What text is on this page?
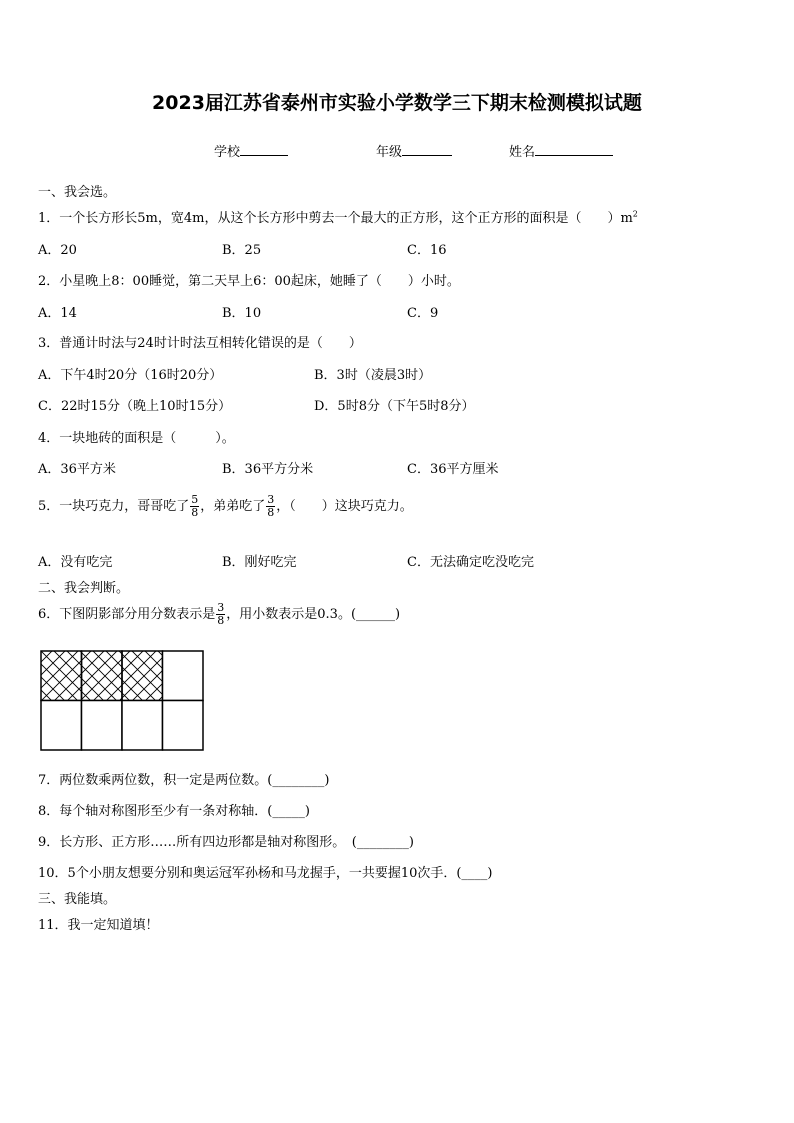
2023届江苏省泰州市实验小学数学三下期末检测模拟试题
学校	年级	姓名
一、我会选。
1．一个长方形长5m，宽4m，从这个长方形中剪去一个最大的正方形，这个正方形的面积是（　　）$m^2$
A．20	B．25	C．16
2．小星晚上8：00睡觉，第二天早上6：00起床，她睡了（　　）小时。
A．14	B．10	C．9
3．普通计时法与24时计时法互相转化错误的是（　　）
A．下午4时20分（16时20分）	B．3时（凌晨3时）
C．22时15分（晚上10时15分）	D．5时8分（下午5时8分）
4．一块地砖的面积是（　　　）。
A．36平方米	B．36平方分米	C．36平方厘米
5．一块巧克力，哥哥吃了 $\frac{5}{8}$ ，弟弟吃了 $\frac{3}{8}$ ，（　　）这块巧克力。
A．没有吃完	B．刚好吃完	C．无法确定吃没吃完
二、我会判断。
6．下图阴影部分用分数表示是 $\frac{3}{8}$ ，用小数表示是0.3。(______)
7．两位数乘两位数，积一定是两位数。(________)
8．每个轴对称图形至少有一条对称轴．(_____)
9．长方形、正方形……所有四边形都是轴对称图形。　(________)
10．5个小朋友想要分别和奥运冠军孙杨和马龙握手，一共要握10次手．(____)
三、我能填。
11．我一定知道填！
